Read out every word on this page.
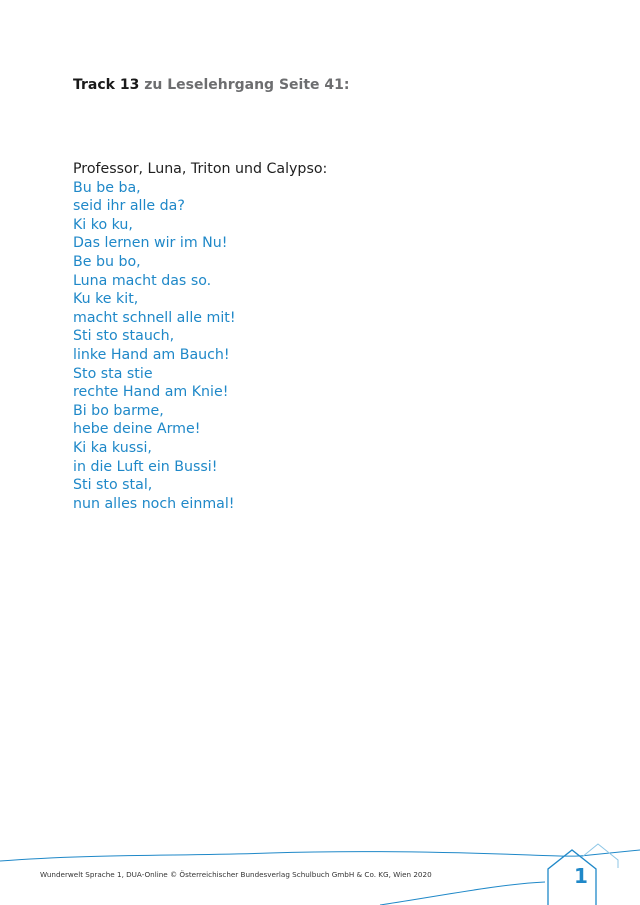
Track 13 zu Leselehrgang Seite 41:
Professor, Luna, Triton und Calypso:
Bu be ba,
seid ihr alle da?
Ki ko ku,
Das lernen wir im Nu!
Be bu bo,
Luna macht das so.
Ku ke kit,
macht schnell alle mit!
Sti sto stauch,
linke Hand am Bauch!
Sto sta stie
rechte Hand am Knie!
Bi bo barme,
hebe deine Arme!
Ki ka kussi,
in die Luft ein Bussi!
Sti sto stal,
nun alles noch einmal!
Wunderwelt Sprache 1, DUA-Online © Österreichischer Bundesverlag Schulbuch GmbH & Co. KG, Wien 2020	1
